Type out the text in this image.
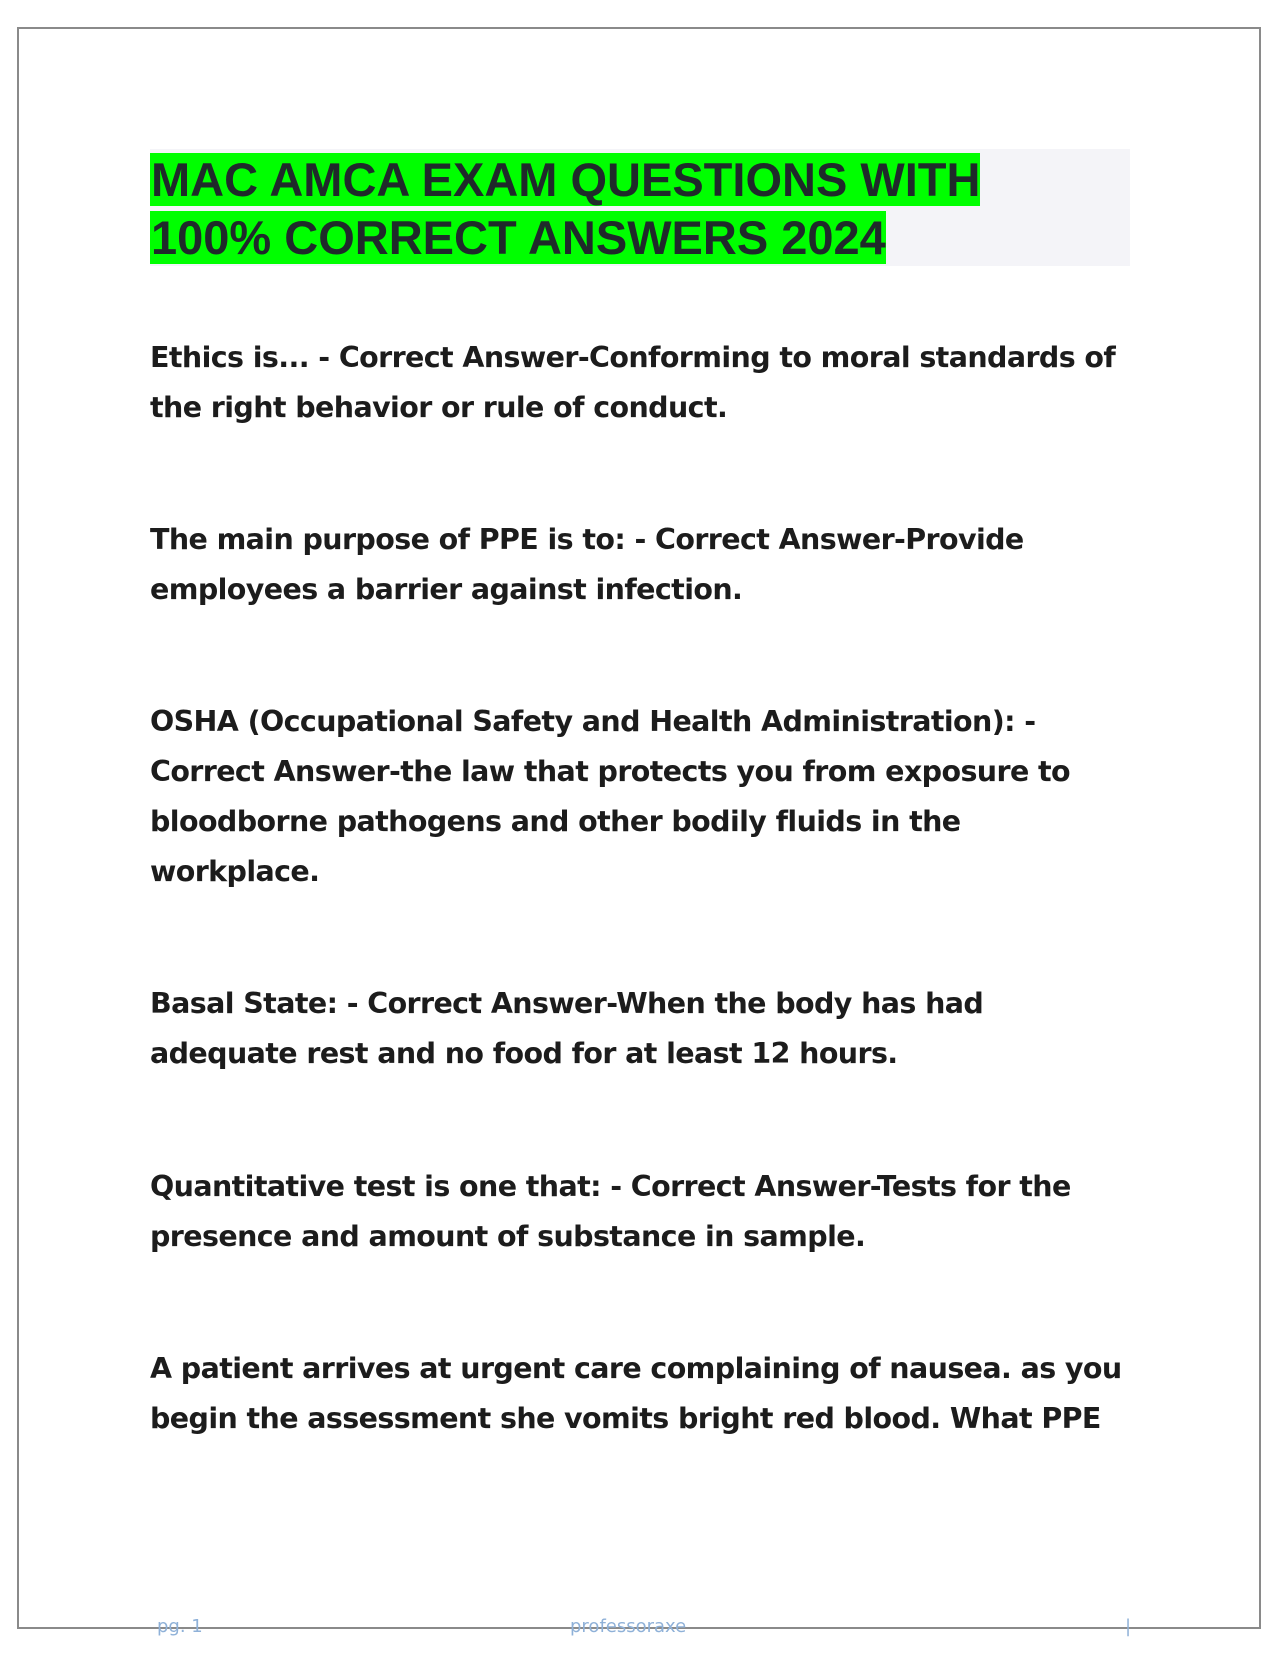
MAC AMCA EXAM QUESTIONS WITH
100% CORRECT ANSWERS 2024
Ethics is... - Correct Answer-Conforming to moral standards of
the right behavior or rule of conduct.
The main purpose of PPE is to: - Correct Answer-Provide
employees a barrier against infection.
OSHA (Occupational Safety and Health Administration): -
Correct Answer-the law that protects you from exposure to
bloodborne pathogens and other bodily fluids in the
workplace.
Basal State: - Correct Answer-When the body has had
adequate rest and no food for at least 12 hours.
Quantitative test is one that: - Correct Answer-Tests for the
presence and amount of substance in sample.
A patient arrives at urgent care complaining of nausea. as you
begin the assessment she vomits bright red blood. What PPE
pg. 1	professoraxe	|
